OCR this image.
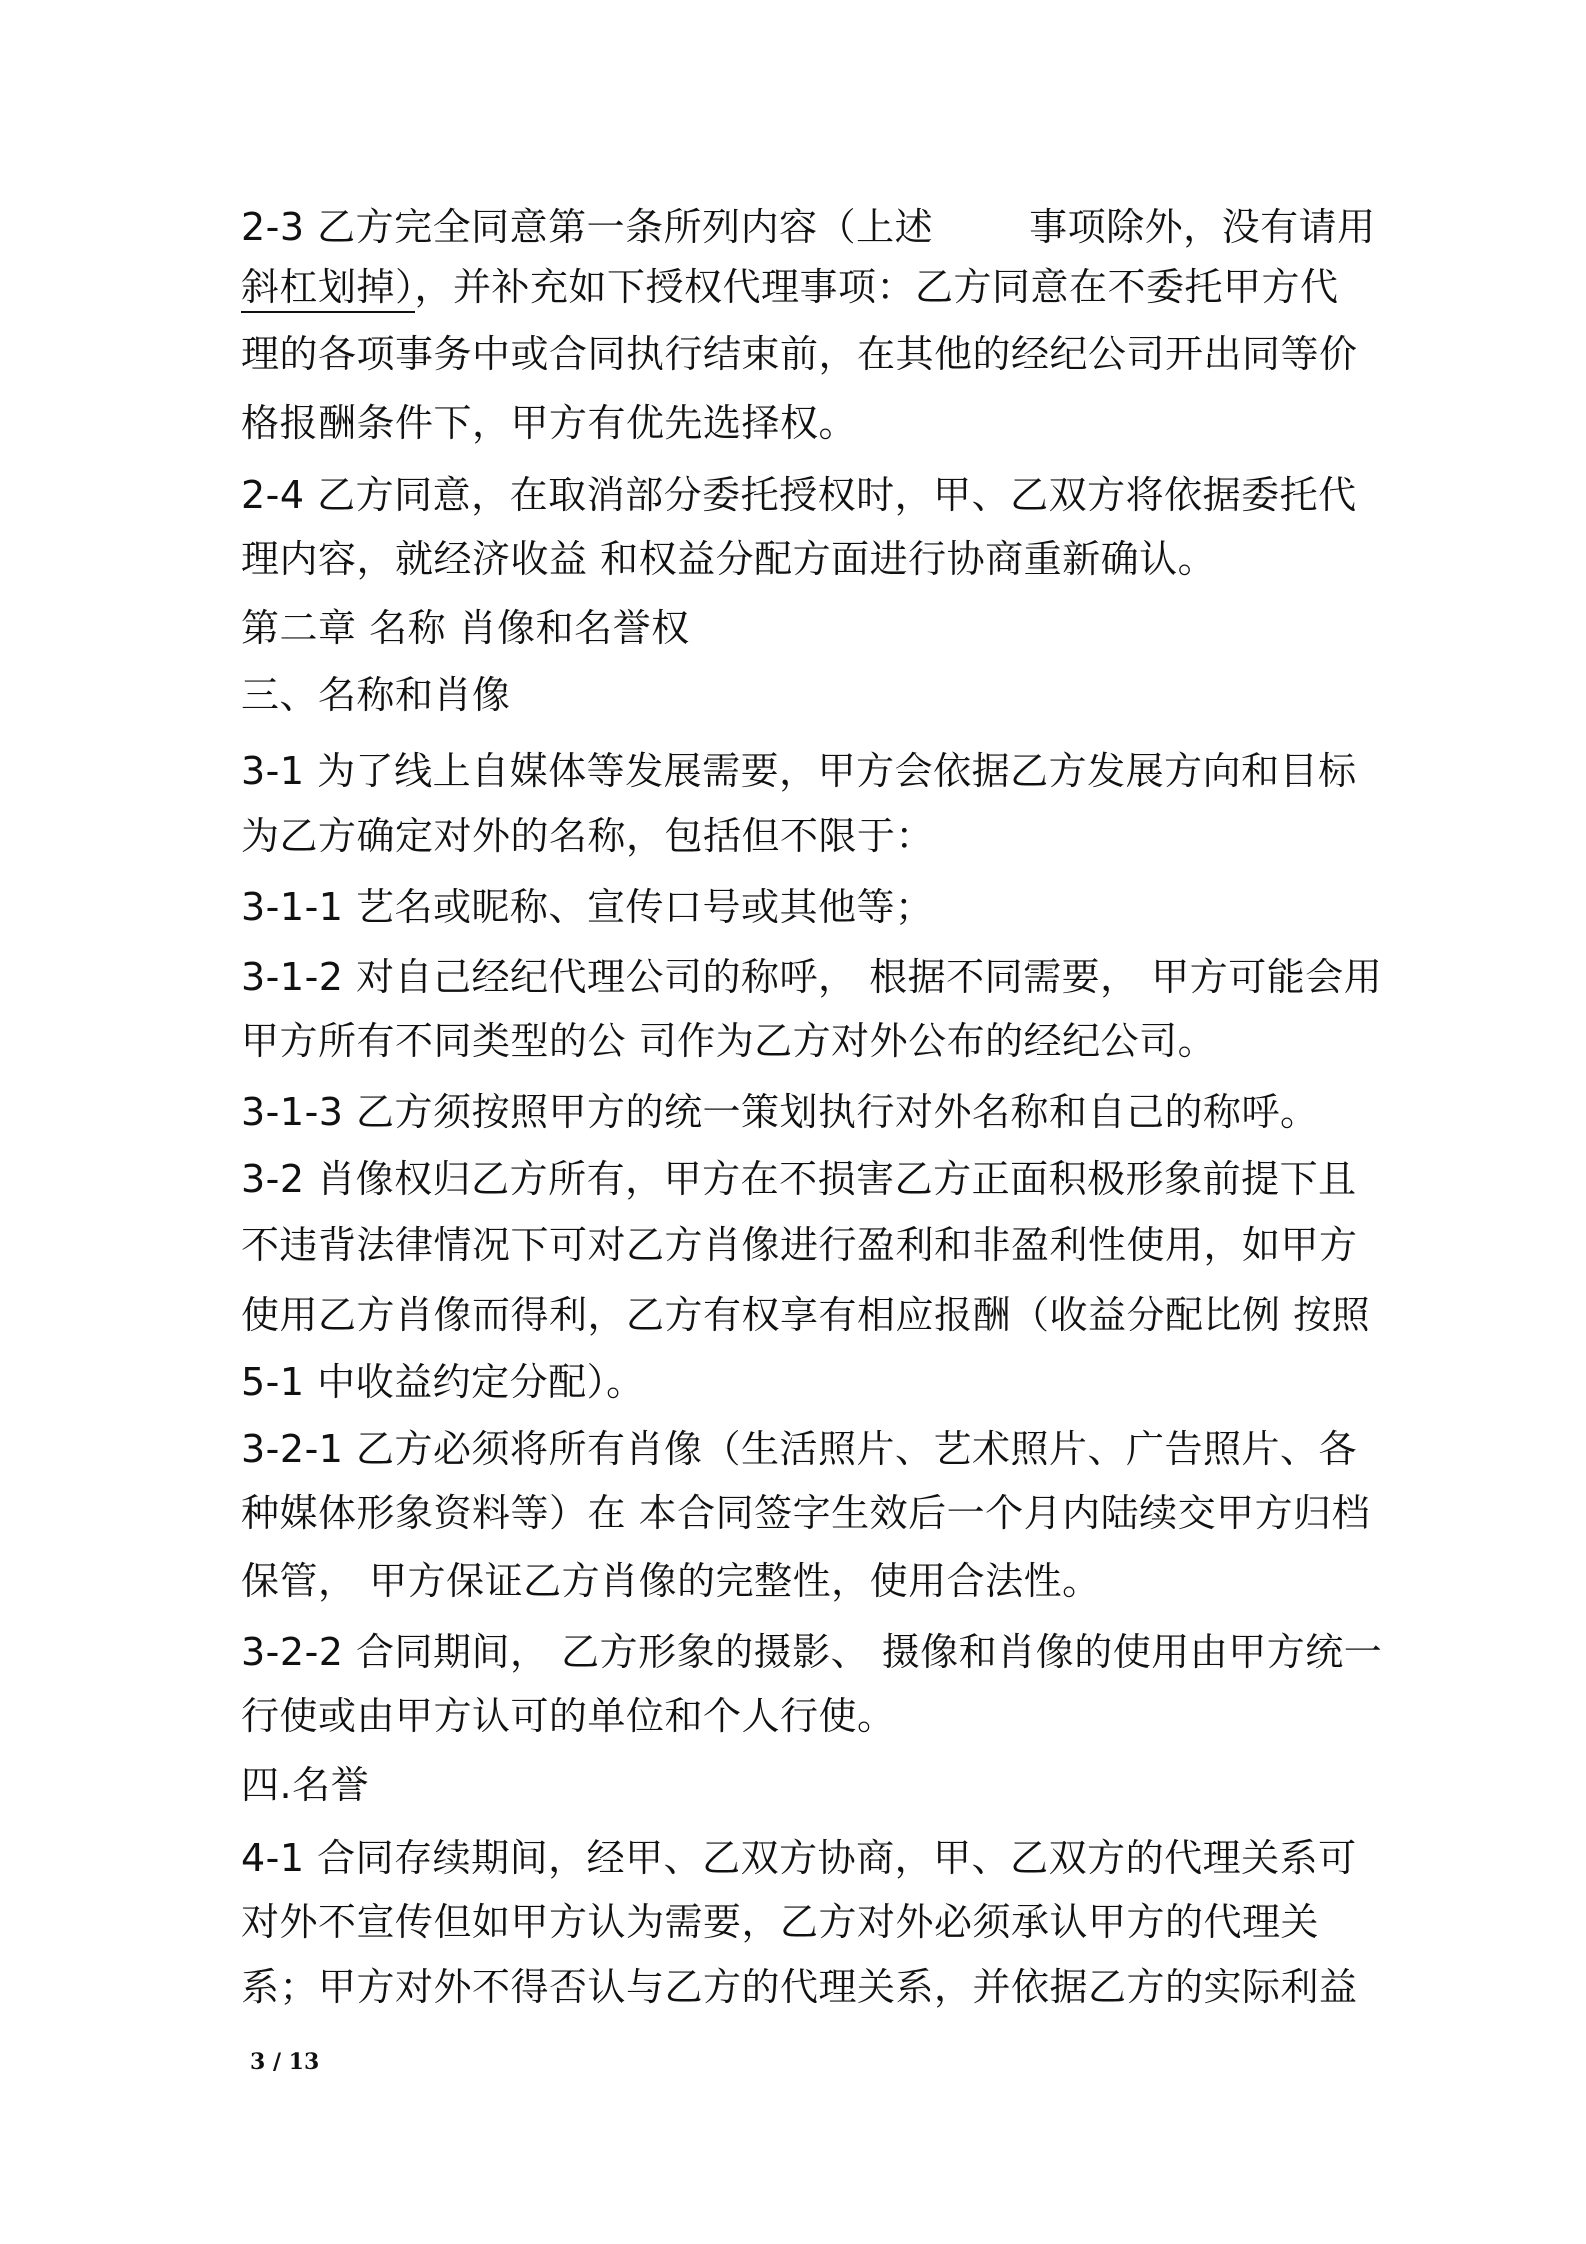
2-3 乙方完全同意第一条所列内容（上述	事项除外，没有请用
斜杠划掉），并补充如下授权代理事项：乙方同意在不委托甲方代
理的各项事务中或合同执行结束前，在其他的经纪公司开出同等价
格报酬条件下，甲方有优先选择权。
2-4 乙方同意，在取消部分委托授权时，甲、乙双方将依据委托代
理内容，就经济收益 和权益分配方面进行协商重新确认。
第二章 名称 肖像和名誉权
三、名称和肖像
3-1 为了线上自媒体等发展需要，甲方会依据乙方发展方向和目标
为乙方确定对外的名称，包括但不限于：
3-1-1 艺名或昵称、宣传口号或其他等；
3-1-2 对自己经纪代理公司的称呼， 根据不同需要， 甲方可能会用
甲方所有不同类型的公 司作为乙方对外公布的经纪公司。
3-1-3 乙方须按照甲方的统一策划执行对外名称和自己的称呼。
3-2 肖像权归乙方所有，甲方在不损害乙方正面积极形象前提下且
不违背法律情况下可对乙方肖像进行盈利和非盈利性使用，如甲方
使用乙方肖像而得利，乙方有权享有相应报酬（收益分配比例 按照
5-1 中收益约定分配）。
3-2-1 乙方必须将所有肖像（生活照片、艺术照片、广告照片、各
种媒体形象资料等）在 本合同签字生效后一个月内陆续交甲方归档
保管， 甲方保证乙方肖像的完整性，使用合法性。
3-2-2 合同期间， 乙方形象的摄影、 摄像和肖像的使用由甲方统一
行使或由甲方认可的单位和个人行使。
四.名誉
4-1 合同存续期间，经甲、乙双方协商，甲、乙双方的代理关系可
对外不宣传但如甲方认为需要，乙方对外必须承认甲方的代理关
系；甲方对外不得否认与乙方的代理关系，并依据乙方的实际利益
3 / 13
